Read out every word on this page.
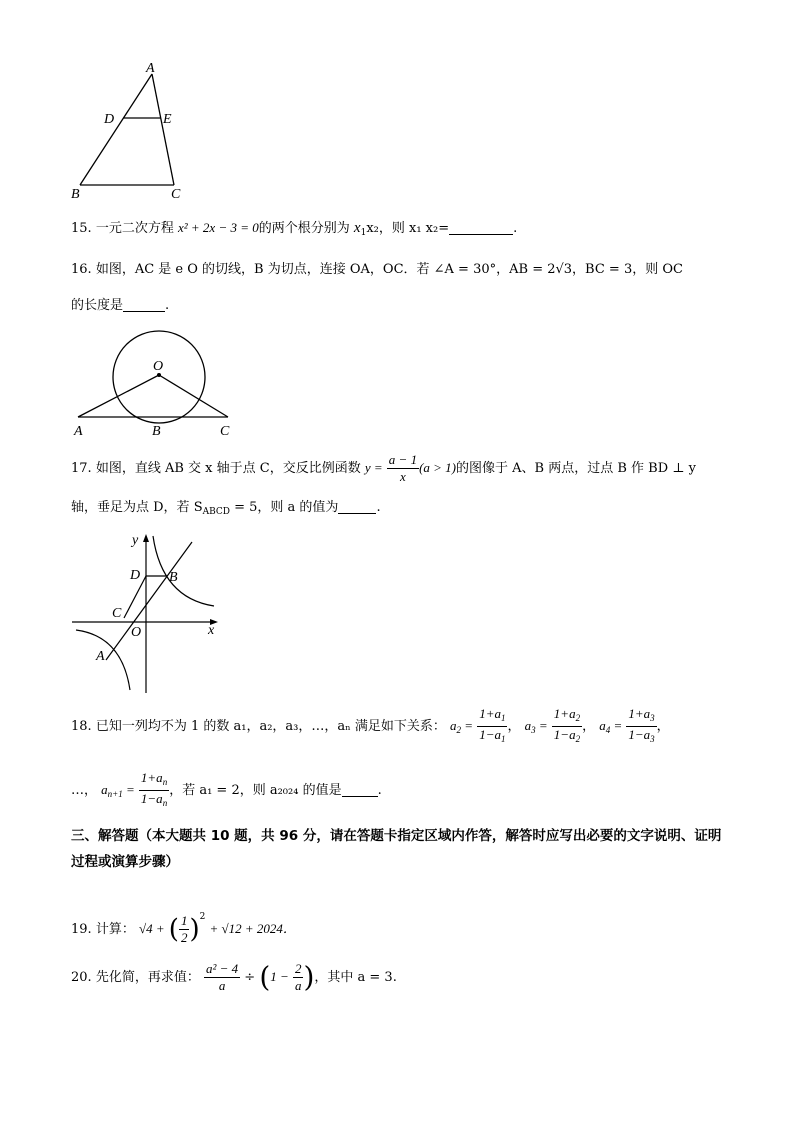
A
D	E
B	C
15. 一元二次方程 x² + 2x − 3 = 0的两个根分别为 $x_1x_2$，则 x₁ x₂=	.
16. 如图，AC 是 e O 的切线，B 为切点，连接 OA，OC．若 ∠A = 30°，AB = 2√3，BC = 3，则 OC
的长度是	.
O
A	B	C
17. 如图，直线 AB 交 x 轴于点 C，交反比例函数 $y = \frac{a - 1}{x} (a > 1)$的图像于 A、B 两点，过点 B 作 BD ⊥ y
轴，垂足为点 D，若 $S_{ABCD} = 5$，则 a 的值为	.
y
x
O
D B
C
A
18. 已知一列均不为 1 的数 a₁，a₂，a₃，…，aₙ 满足如下关系： $a_2 = \frac{1+a_1}{1-a_1}$ ， $a_3 = \frac{1+a_2}{1-a_2}$ ， $a_4 = \frac{1+a_3}{1-a_3}$ ，
…， $a_{n+1} = \frac{1+a_n}{1-a_n}$ ，若 a₁ = 2，则 a₂₀₂₄ 的值是	.
三、解答题（本大题共 10 题，共 96 分，请在答题卡指定区域内作答，解答时应写出必要的文字说明、证明过程或演算步骤）
19. 计算： √4 + ( $\frac{1}{2} )^2 + √12 + 2024$．
20. 先化简，再求值： $\frac{\text{a² − 4}}{a} \div (1 - \frac{2}{a}$ )，其中 a = 3.
